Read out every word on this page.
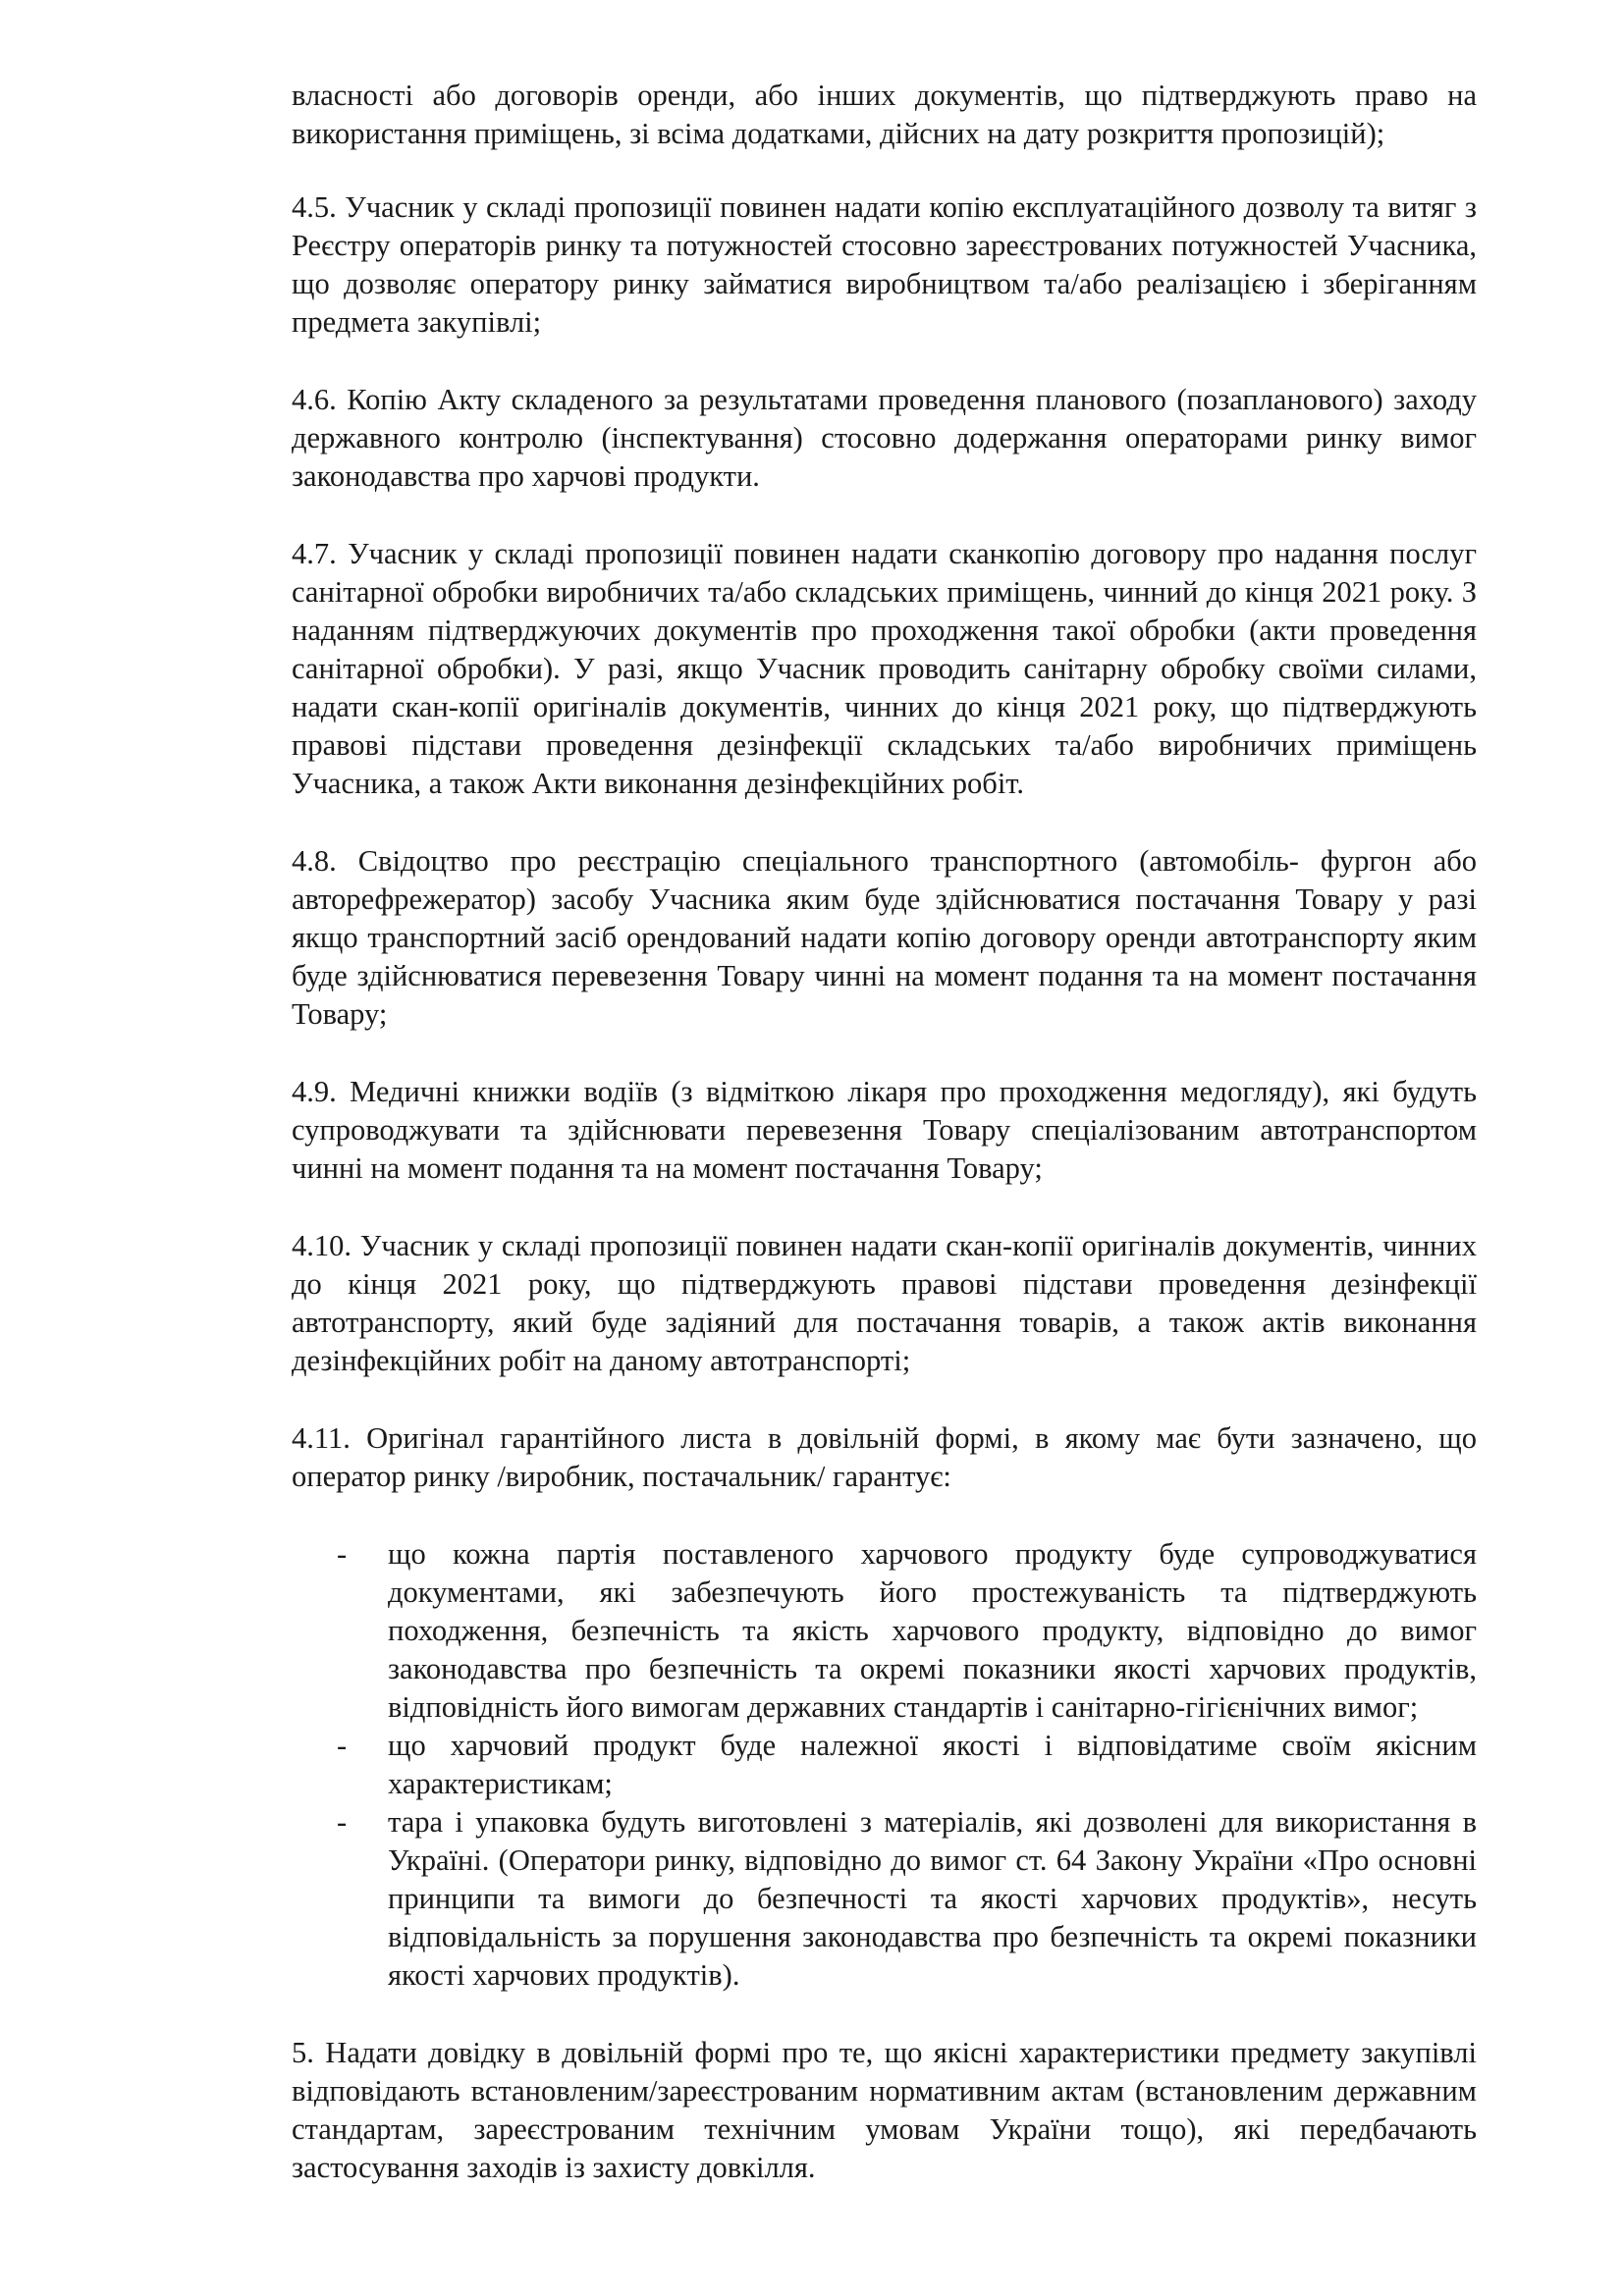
власності або договорів оренди, або інших документів, що підтверджують право на використання приміщень, зі всіма додатками, дійсних на дату розкриття пропозицій);

4.5. Учасник у складі пропозиції повинен надати копію експлуатаційного дозволу та витяг з Реєстру операторів ринку та потужностей стосовно зареєстрованих потужностей Учасника, що дозволяє оператору ринку займатися виробництвом та/або реалізацією і зберіганням предмета закупівлі;

4.6. Копію Акту складеного за результатами проведення планового (позапланового) заходу державного контролю (інспектування) стосовно додержання операторами ринку вимог законодавства про харчові продукти.

4.7. Учасник у складі пропозиції повинен надати сканкопію договору про надання послуг санітарної обробки виробничих та/або складських приміщень, чинний до кінця 2021 року. З наданням підтверджуючих документів про проходження такої обробки (акти проведення санітарної обробки). У разі, якщо Учасник проводить санітарну обробку своїми силами, надати скан-копії оригіналів документів, чинних до кінця 2021 року, що підтверджують правові підстави проведення дезінфекції складських та/або виробничих приміщень Учасника, а також Акти виконання дезінфекційних робіт.

4.8. Свідоцтво про реєстрацію спеціального транспортного (автомобіль- фургон або авторефрежератор) засобу Учасника яким буде здійснюватися постачання Товару у разі якщо транспортний засіб орендований надати копію договору оренди автотранспорту яким буде здійснюватися перевезення Товару чинні на момент подання та на момент постачання Товару;

4.9. Медичні книжки водіїв (з відміткою лікаря про проходження медогляду), які будуть супроводжувати та здійснювати перевезення Товару спеціалізованим автотранспортом чинні на момент подання та на момент постачання Товару;

4.10. Учасник у складі пропозиції повинен надати скан-копії оригіналів документів, чинних до кінця 2021 року, що підтверджують правові підстави проведення дезінфекції автотранспорту, який буде задіяний для постачання товарів, а також актів виконання дезінфекційних робіт на даному автотранспорті;

4.11. Оригінал гарантійного листа в довільній формі, в якому має бути зазначено, що оператор ринку /виробник, постачальник/ гарантує:

- що кожна партія поставленого харчового продукту буде супроводжуватися документами, які забезпечують його простежуваність та підтверджують походження, безпечність та якість харчового продукту, відповідно до вимог законодавства про безпечність та окремі показники якості харчових продуктів, відповідність його вимогам державних стандартів і санітарно-гігієнічних вимог;
- що харчовий продукт буде належної якості і відповідатиме своїм якісним характеристикам;
- тара і упаковка будуть виготовлені з матеріалів, які дозволені для використання в Україні. (Оператори ринку, відповідно до вимог ст. 64 Закону України «Про основні принципи та вимоги до безпечності та якості харчових продуктів», несуть відповідальність за порушення законодавства про безпечність та окремі показники якості харчових продуктів).

5. Надати довідку в довільній формі про те, що якісні характеристики предмету закупівлі відповідають встановленим/зареєстрованим нормативним актам (встановленим державним стандартам, зареєстрованим технічним умовам України тощо), які передбачають застосування заходів із захисту довкілля.
